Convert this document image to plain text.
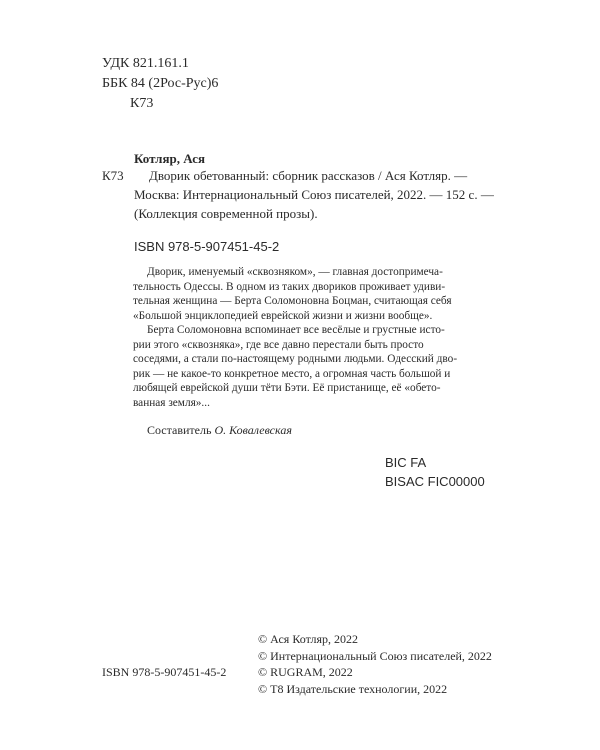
УДК 821.161.1
ББК 84 (2Рос-Рус)6
К73
Котляр, Ася
К73 Дворик обетованный: сборник рассказов / Ася Котляр. —
Москва: Интернациональный Союз писателей, 2022. — 152 с. —
(Коллекция современной прозы).
ISBN 978-5-907451-45-2

Дворик, именуемый «сквозняком», — главная достопримеча-

тельность Одессы. В одном из таких двориков проживает удиви-

тельная женщина — Берта Соломоновна Боцман, считающая себя

«Большой энциклопедией еврейской жизни и жизни вообще».

Берта Соломоновна вспоминает все весёлые и грустные исто-

рии этого «сквозняка», где все давно перестали быть просто

соседями, а стали по-настоящему родными людьми. Одесский дво-

рик — не какое-то конкретное место, а огромная часть большой и

любящей еврейской души тёти Бэти. Её пристанище, её «обето-

ванная земля»...

Составитель О. Ковалевская
BIC FA
BISAC FIC00000
© Ася Котляр, 2022
© Интернациональный Союз писателей, 2022
© RUGRAM, 2022
© Т8 Издательские технологии, 2022
ISBN 978-5-907451-45-2
